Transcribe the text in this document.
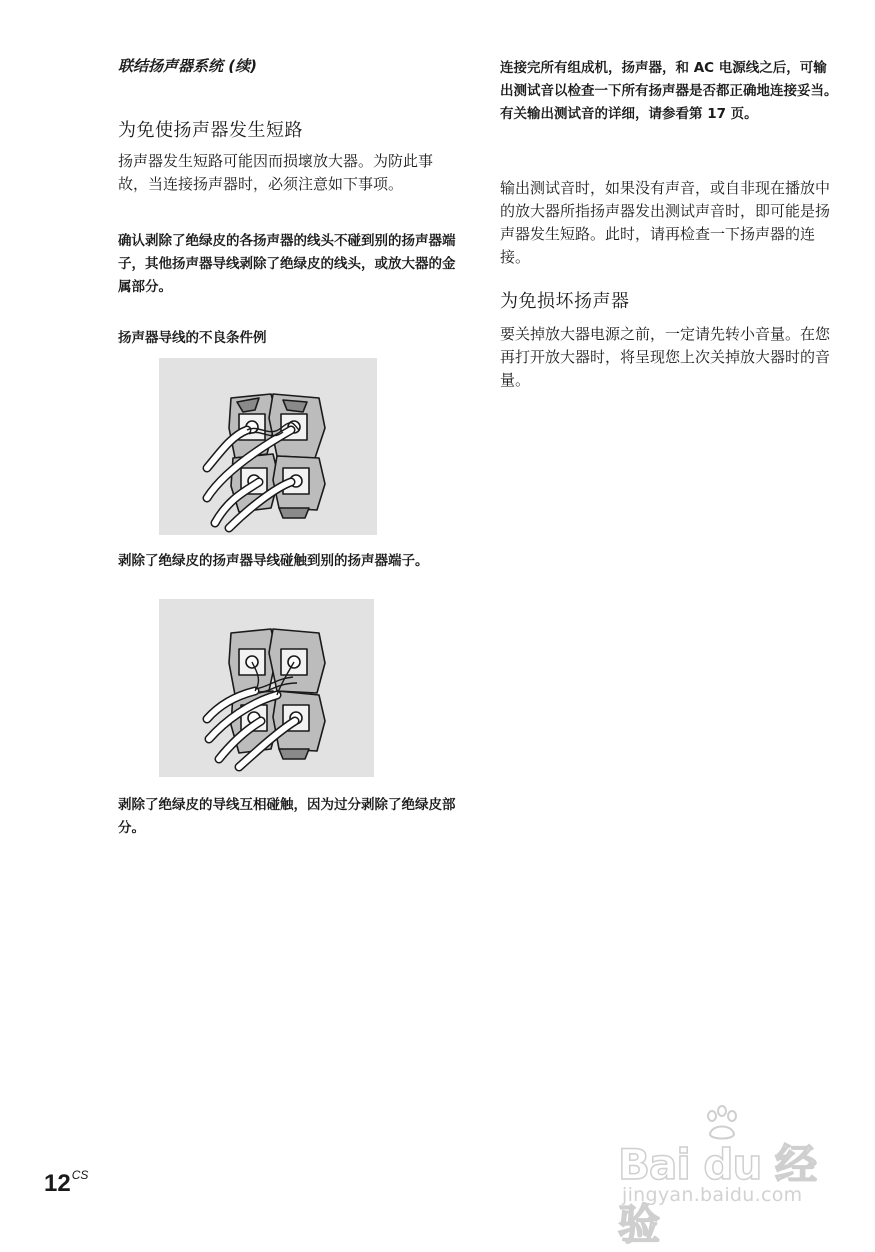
联结扬声器系统 (续)
为免使扬声器发生短路
扬声器发生短路可能因而损壞放大器。为防此事故，当连接扬声器时，必须注意如下事项。
确认剥除了绝绿皮的各扬声器的线头不碰到别的扬声器端子，其他扬声器导线剥除了绝绿皮的线头，或放大器的金属部分。
扬声器导线的不良条件例
剥除了绝绿皮的扬声器导线碰触到别的扬声器端子。
剥除了绝绿皮的导线互相碰触，因为过分剥除了绝绿皮部分。
连接完所有组成机，扬声器，和 AC 电源线之后，可输出测试音以检查一下所有扬声器是否都正确地连接妥当。有关输出测试音的详细，请参看第 17 页。
输出测试音时，如果没有声音，或自非现在播放中的放大器所指扬声器发出测试声音时，即可能是扬声器发生短路。此时，请再检查一下扬声器的连接。
为免损坏扬声器
要关掉放大器电源之前，一定请先转小音量。在您再打开放大器时，将呈现您上次关掉放大器时的音量。
$12^{CS}$	Bai du 经验
jingyan.baidu.com
